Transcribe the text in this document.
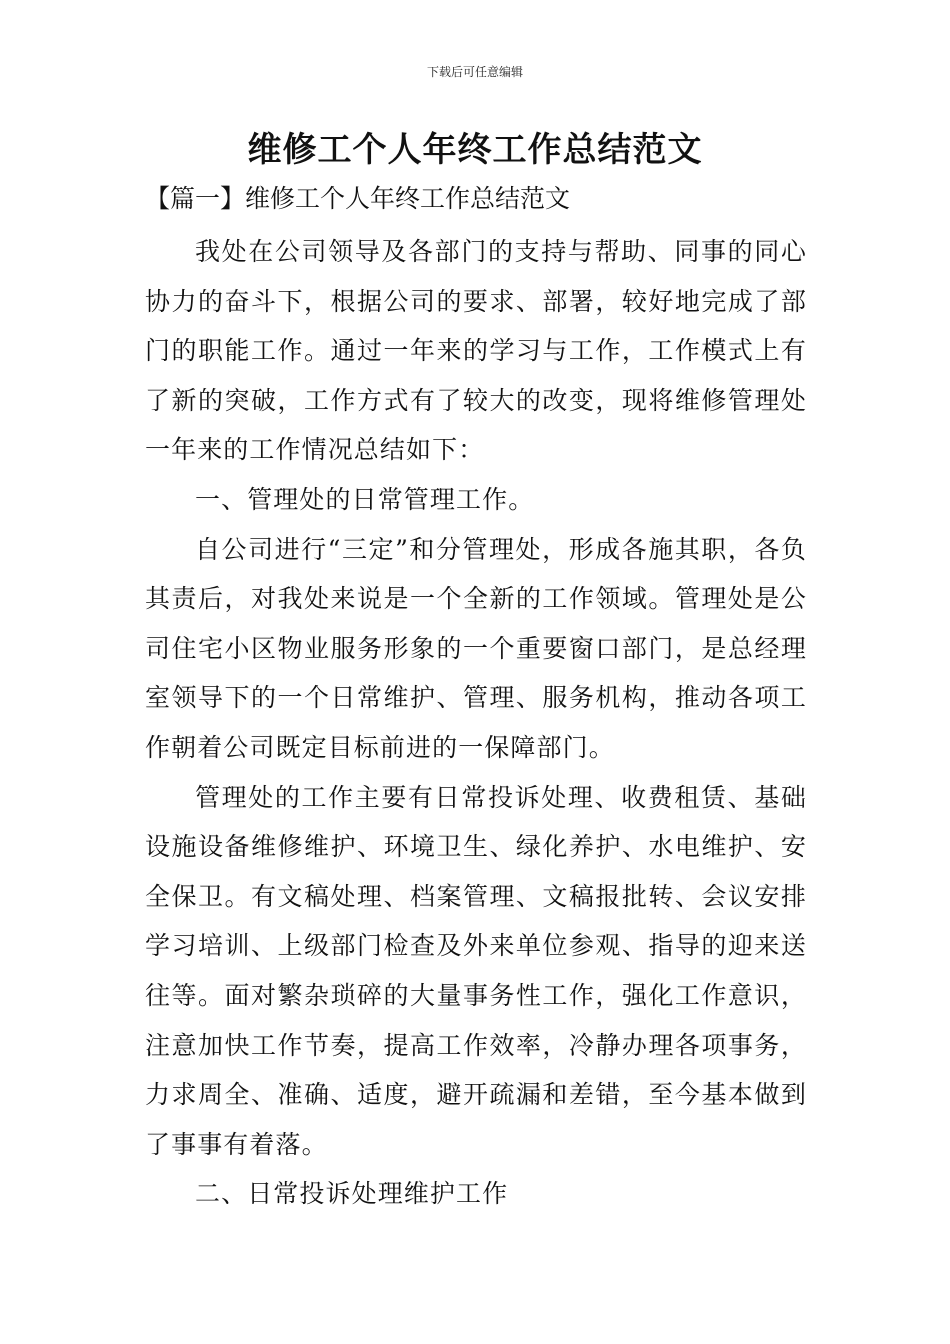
下载后可任意编辑
维修工个人年终工作总结范文
【篇一】维修工个人年终工作总结范文

我处在公司领导及各部门的支持与帮助、同事的同心协力的奋斗下，根据公司的要求、部署，较好地完成了部门的职能工作。通过一年来的学习与工作，工作模式上有了新的突破，工作方式有了较大的改变，现将维修管理处一年来的工作情况总结如下：

一、管理处的日常管理工作。

自公司进行“三定”和分管理处，形成各施其职，各负其责后，对我处来说是一个全新的工作领域。管理处是公司住宅小区物业服务形象的一个重要窗口部门，是总经理室领导下的一个日常维护、管理、服务机构，推动各项工作朝着公司既定目标前进的一保障部门。

管理处的工作主要有日常投诉处理、收费租赁、基础设施设备维修维护、环境卫生、绿化养护、水电维护、安全保卫。有文稿处理、档案管理、文稿报批转、会议安排学习培训、上级部门检查及外来单位参观、指导的迎来送往等。面对繁杂琐碎的大量事务性工作，强化工作意识，注意加快工作节奏，提高工作效率，冷静办理各项事务，力求周全、准确、适度，避开疏漏和差错，至今基本做到了事事有着落。

二、日常投诉处理维护工作
